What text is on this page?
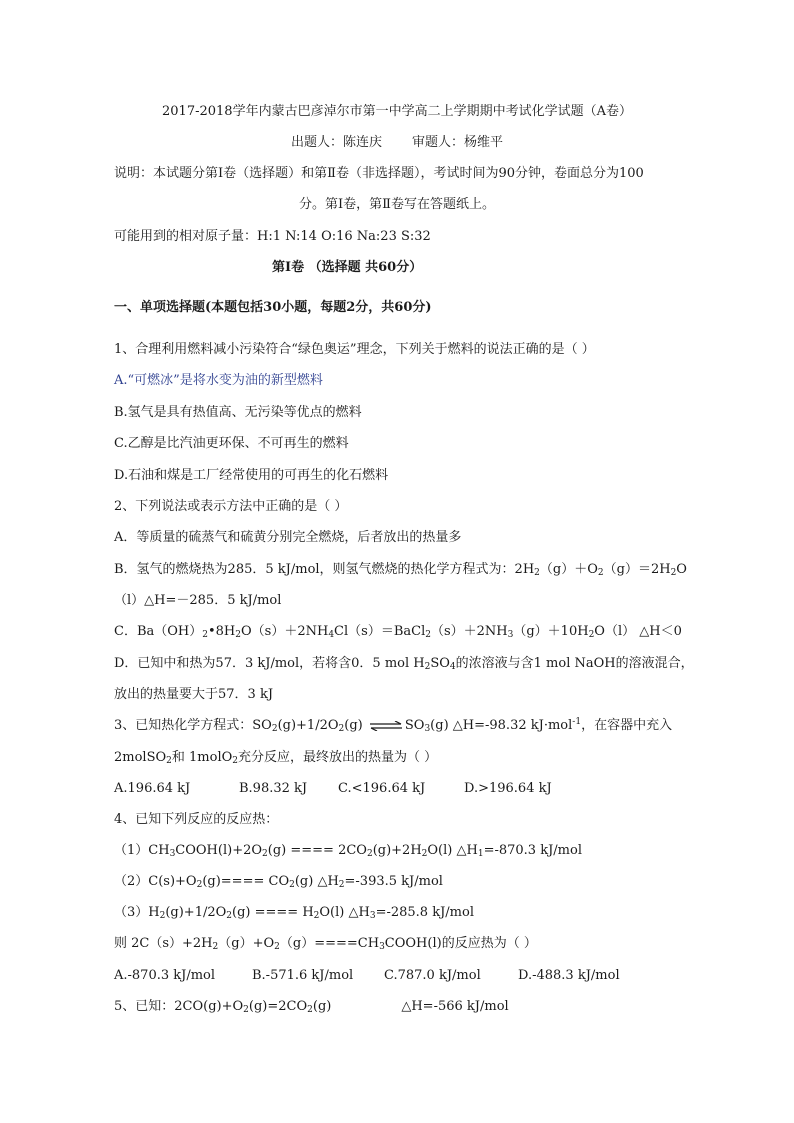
2017-2018学年内蒙古巴彦淖尔市第一中学高二上学期期中考试化学试题（A卷）
出题人：陈连庆 审题人：杨维平
说明：本试题分第Ⅰ卷（选择题）和第Ⅱ卷（非选择题），考试时间为90分钟，卷面总分为100
分。第Ⅰ卷，第Ⅱ卷写在答题纸上。
可能用到的相对原子量：H:1 N:14 O:16 Na:23 S:32
第Ⅰ卷 （选择题 共60分）
一、单项选择题(本题包括30小题，每题2分，共60分)
1、合理利用燃料减小污染符合“绿色奥运”理念，下列关于燃料的说法正确的是（ ）
A.“可燃冰”是将水变为油的新型燃料
B.氢气是具有热值高、无污染等优点的燃料
C.乙醇是比汽油更环保、不可再生的燃料
D.石油和煤是工厂经常使用的可再生的化石燃料
2、下列说法或表示方法中正确的是（ ）
A．等质量的硫蒸气和硫黄分别完全燃烧，后者放出的热量多
B．氢气的燃烧热为285．5 kJ/mol，则氢气燃烧的热化学方程式为：$2H_2(g)+O_2(g)=2H_2O$
（l）△H=－285．5 kJ/mol
C．$Ba(OH)_2•8H_2O(s)+2NH_4Cl(s)=BaCl_2(s)+2NH_3(g)+10H_2O(l)$ △H＜0
D．已知中和热为57．3 kJ/mol，若将含0．5 mol $H_2SO_4$的浓溶液与含1 mol NaOH的溶液混合，
放出的热量要大于57．3 kJ
3、已知热化学方程式：$SO_2(g)+1/2O_2(g)$ ⇌ $SO_3(g)$ △H=-98.32 kJ·mol$^{-1}$，在容器中充入
2molSO$_2$和 1molO$_2$充分反应，最终放出的热量为（ ）
A.196.64 kJ	B.98.32 kJ C.<196.64 kJ	D.>196.64 kJ
4、已知下列反应的反应热：
$(1)CH_3COOH(l)+2O_2(g)$ ==== $2CO_2(g)+2H_2O(l)$ $\triangle H_1=-870.3$ kJ/mol
$(2)C(s)+O_2(g)==== CO_2(g)$ $\triangle H_2=-393.5$ kJ/mol
$(3)H_2(g)+1/2O_2(g)$ ==== $H_2O(l)$ $\triangle H_3=-285.8$ kJ/mol
则 $2C(s)+2H_2(g)+O_2(g)====CH_3COOH(l)$的反应热为（ ）
A.-870.3 kJ/mol	B.-571.6 kJ/mol C.787.0 kJ/mol	D.-488.3 kJ/mol
5、已知：$2CO(g)+O_2(g)=2CO_2(g)$	△H=-566 kJ/mol
